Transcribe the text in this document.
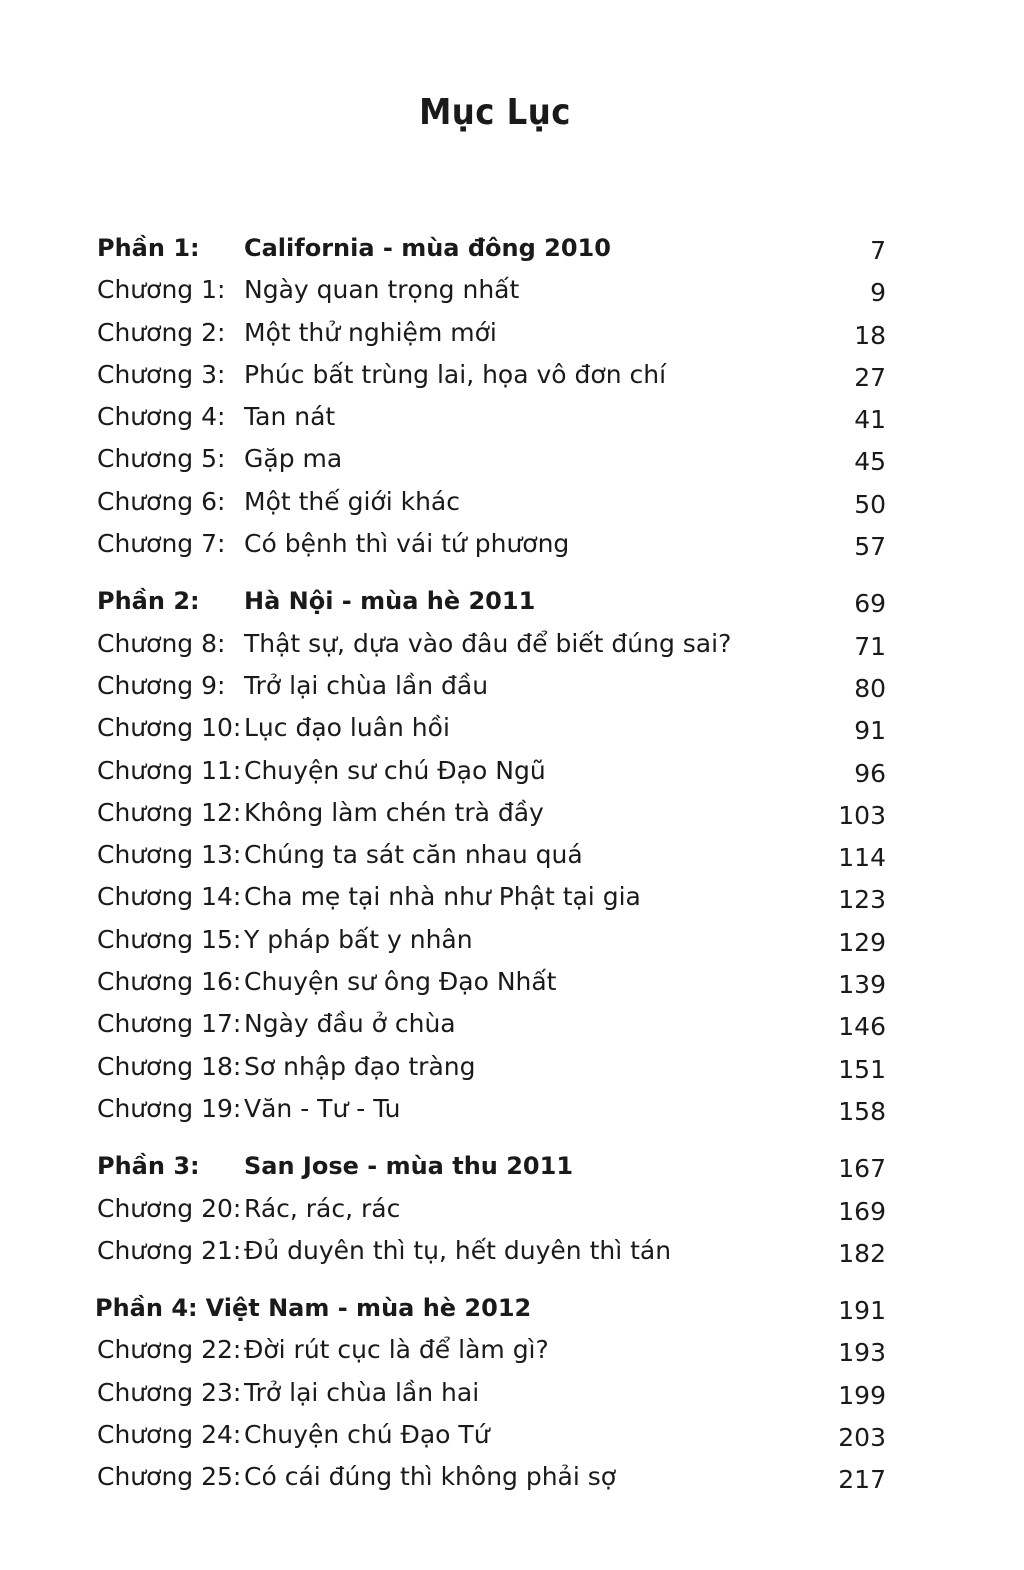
Mục Lục
Phần 1: California - mùa đông 2010	7
Chương 1: Ngày quan trọng nhất	9
Chương 2: Một thử nghiệm mới	18
Chương 3: Phúc bất trùng lai, họa vô đơn chí	27
Chương 4: Tan nát	41
Chương 5: Gặp ma	45
Chương 6: Một thế giới khác	50
Chương 7: Có bệnh thì vái tứ phương	57
Phần 2: Hà Nội - mùa hè 2011	69
Chương 8: Thật sự, dựa vào đâu để biết đúng sai?	71
Chương 9: Trở lại chùa lần đầu	80
Chương 10: Lục đạo luân hồi	91
Chương 11: Chuyện sư chú Đạo Ngũ	96
Chương 12: Không làm chén trà đầy	103
Chương 13: Chúng ta sát căn nhau quá	114
Chương 14: Cha mẹ tại nhà như Phật tại gia	123
Chương 15: Y pháp bất y nhân	129
Chương 16: Chuyện sư ông Đạo Nhất	139
Chương 17: Ngày đầu ở chùa	146
Chương 18: Sơ nhập đạo tràng	151
Chương 19: Văn - Tư - Tu	158
Phần 3: San Jose - mùa thu 2011	167
Chương 20: Rác, rác, rác	169
Chương 21: Đủ duyên thì tụ, hết duyên thì tán	182
Phần 4: Việt Nam - mùa hè 2012	191
Chương 22: Đời rút cục là để làm gì?	193
Chương 23: Trở lại chùa lần hai	199
Chương 24: Chuyện chú Đạo Tứ	203
Chương 25: Có cái đúng thì không phải sợ	217
